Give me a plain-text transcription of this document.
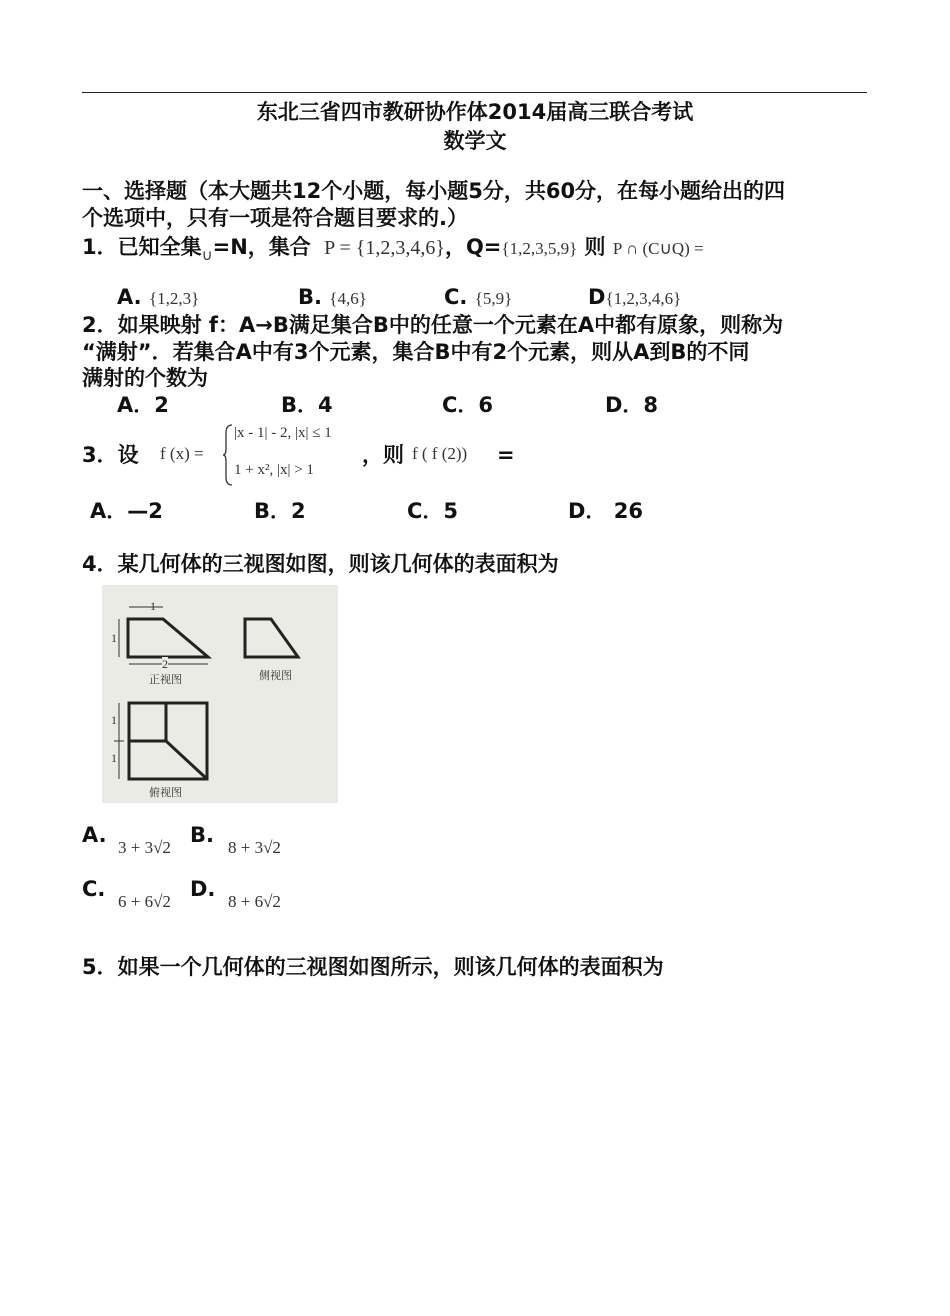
东北三省四市教研协作体2014届高三联合考试
数学文
一、选择题（本大题共12个小题，每小题5分，共60分，在每小题给出的四
个选项中，只有一项是符合题目要求的.）
1．已知全集$_\cup$=N，集合 P = {1,2,3,4,6}，Q={1,2,3,5,9} 则 P ∩ (C∪Q) =
A. {1,2,3}	B. {4,6}	C. {5,9}	D{1,2,3,4,6}
2．如果映射 f：A→B满足集合B中的任意一个元素在A中都有原象，则称为
“满射”．若集合A中有3个元素，集合B中有2个元素，则从A到B的不同
满射的个数为
A．2	B．4	C．6	D．8
3．设 f (x) =
|x - 1| - 2, |x| ≤ 1
1 + x², |x| > 1
，则 f ( f (2)) =
A．—2	B．2	C．5	D． 26
4．某几何体的三视图如图，则该几何体的表面积为
1
2
1
1
1
正视图	侧视图
俯视图
A.
3 + 3√2
B.
8 + 3√2
C.
6 + 6√2
D.
8 + 6√2
5．如果一个几何体的三视图如图所示，则该几何体的表面积为
